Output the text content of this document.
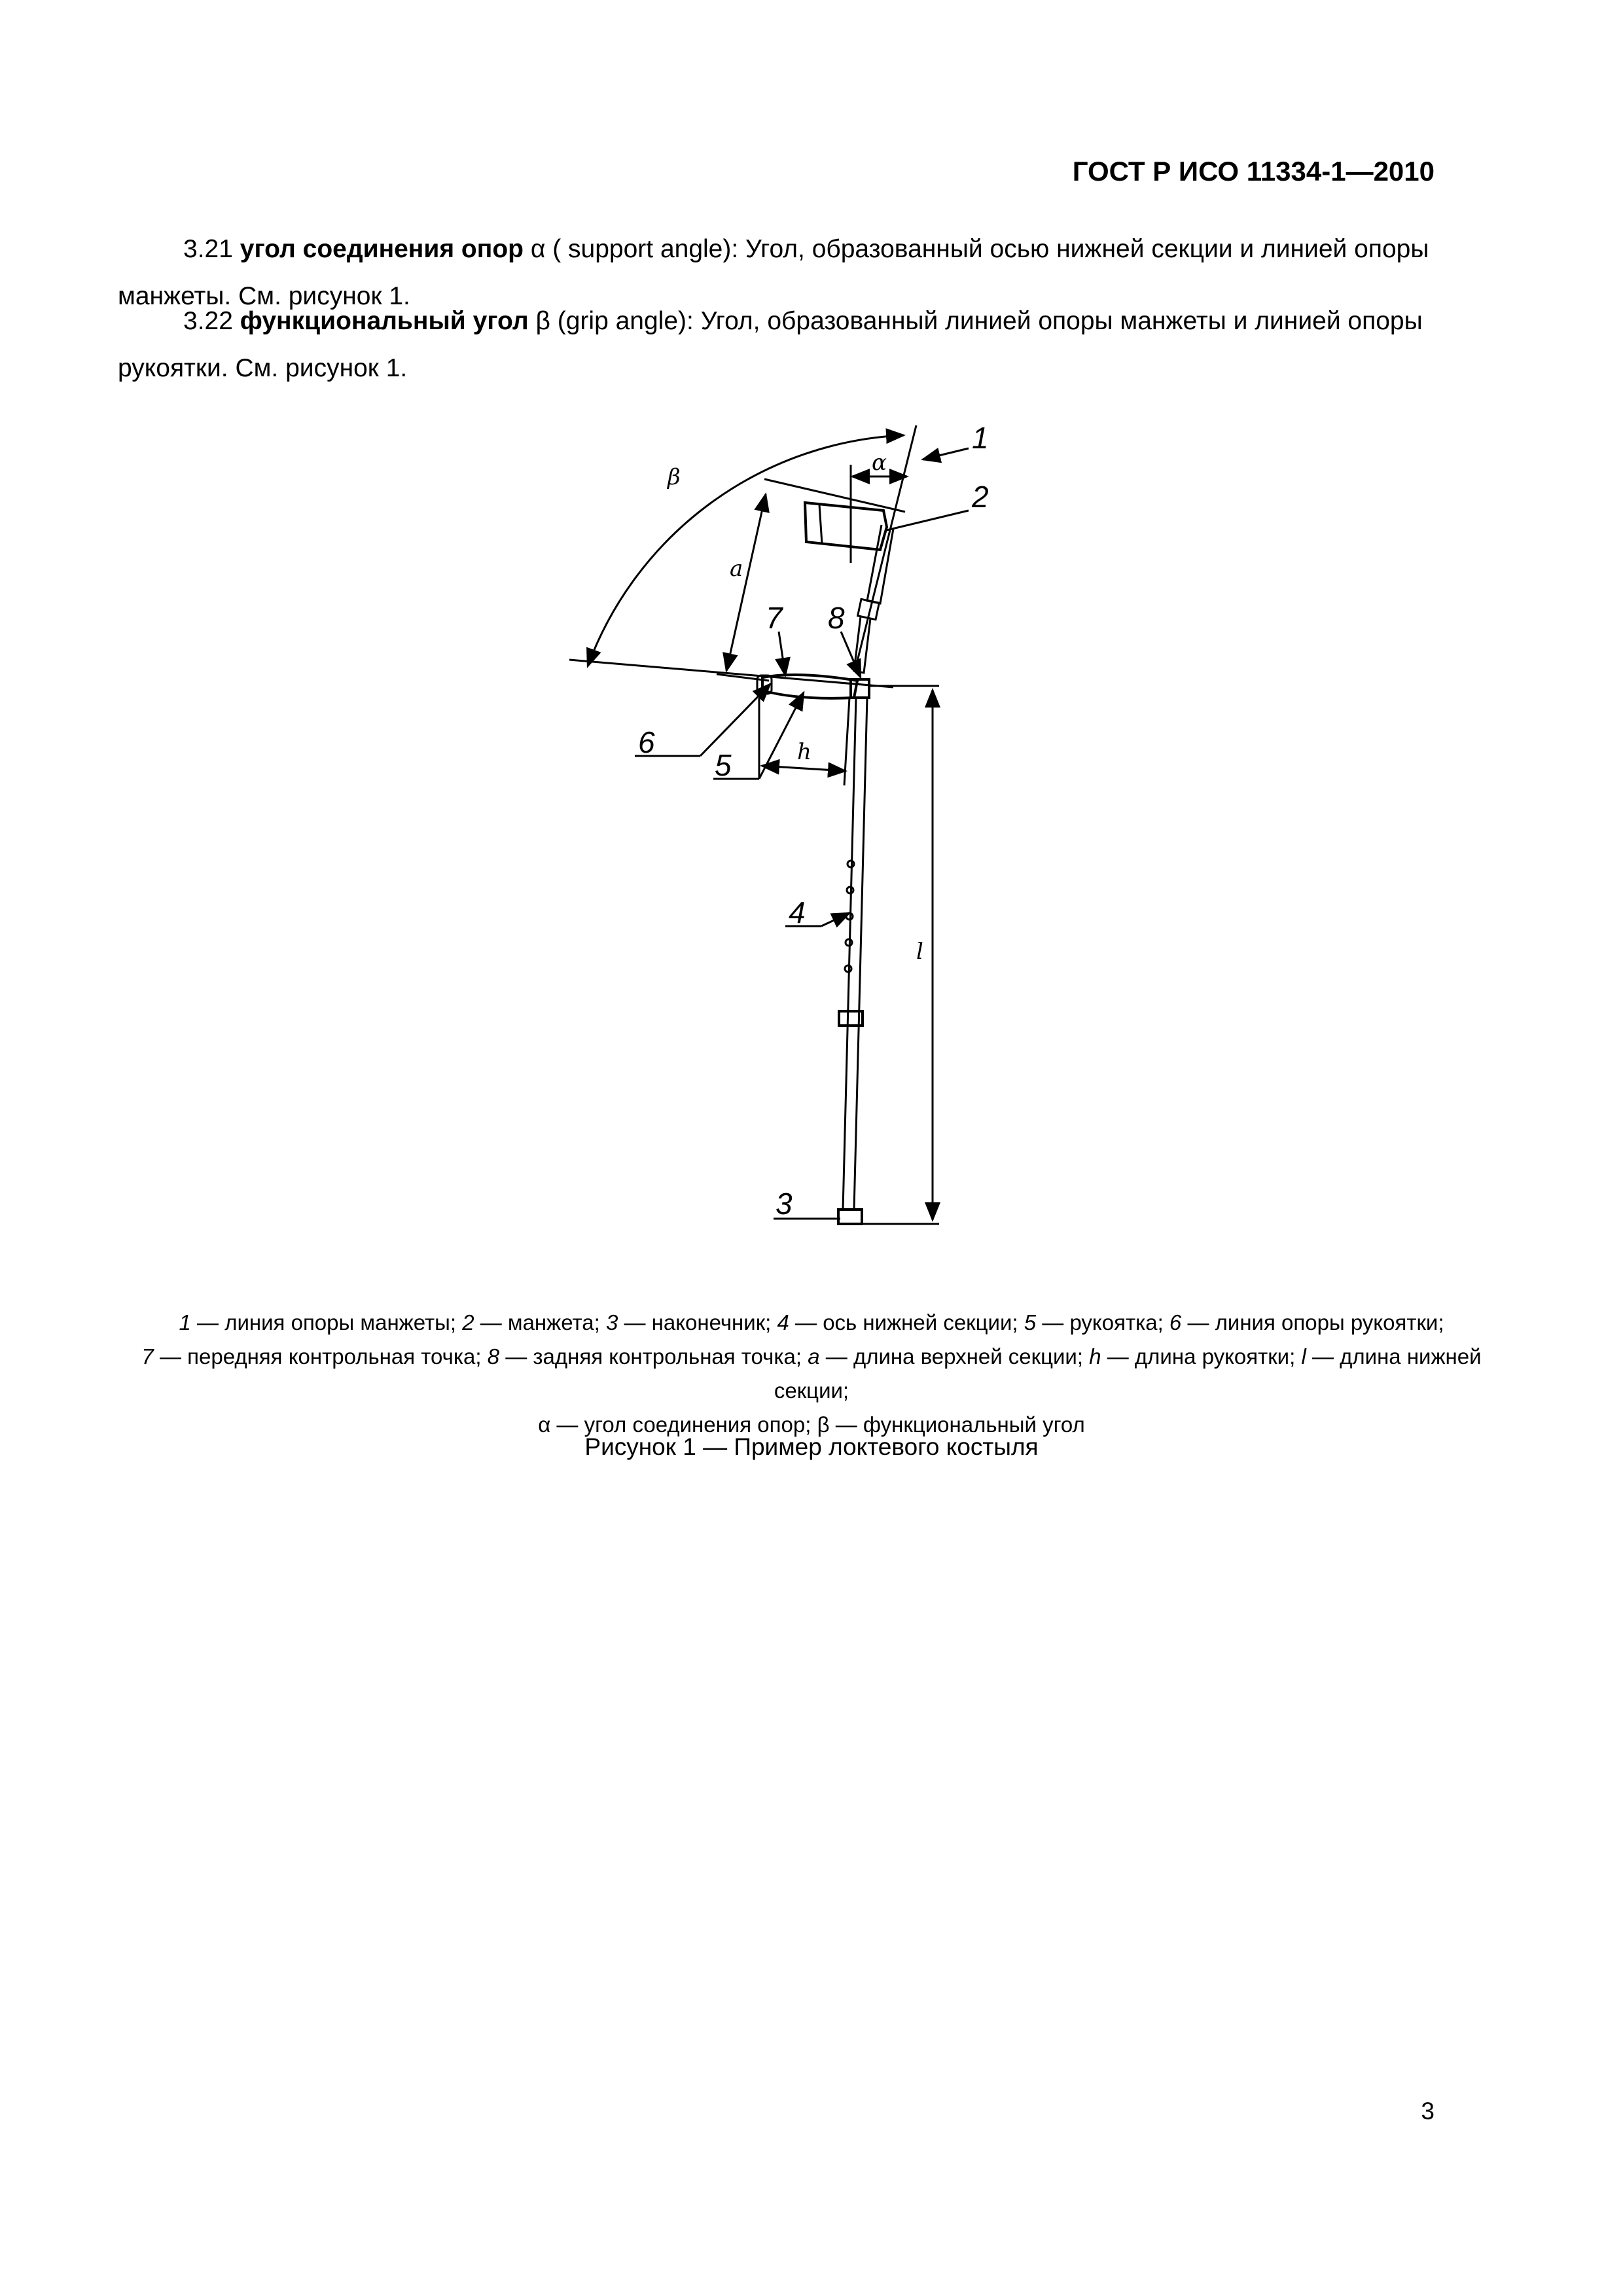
ГОСТ Р ИСО 11334-1—2010
3.21 угол соединения опор α ( support angle): Угол, образованный осью нижней секции и линией опоры манжеты. См. рисунок 1.
3.22 функциональный угол β (grip angle): Угол, образованный линией опоры манжеты и линией опоры рукоятки. См. рисунок 1.
1
2
3
4
5
6
7 8
α
β
a
h
l
1 — линия опоры манжеты; 2 — манжета; 3 — наконечник; 4 — ось нижней секции; 5 — рукоятка; 6 — линия опоры рукоятки;
7 — передняя контрольная точка; 8 — задняя контрольная точка; a — длина верхней секции; h — длина рукоятки; l — длина нижней секции;
α — угол соединения опор; β — функциональный угол
Рисунок 1 — Пример локтевого костыля
3
